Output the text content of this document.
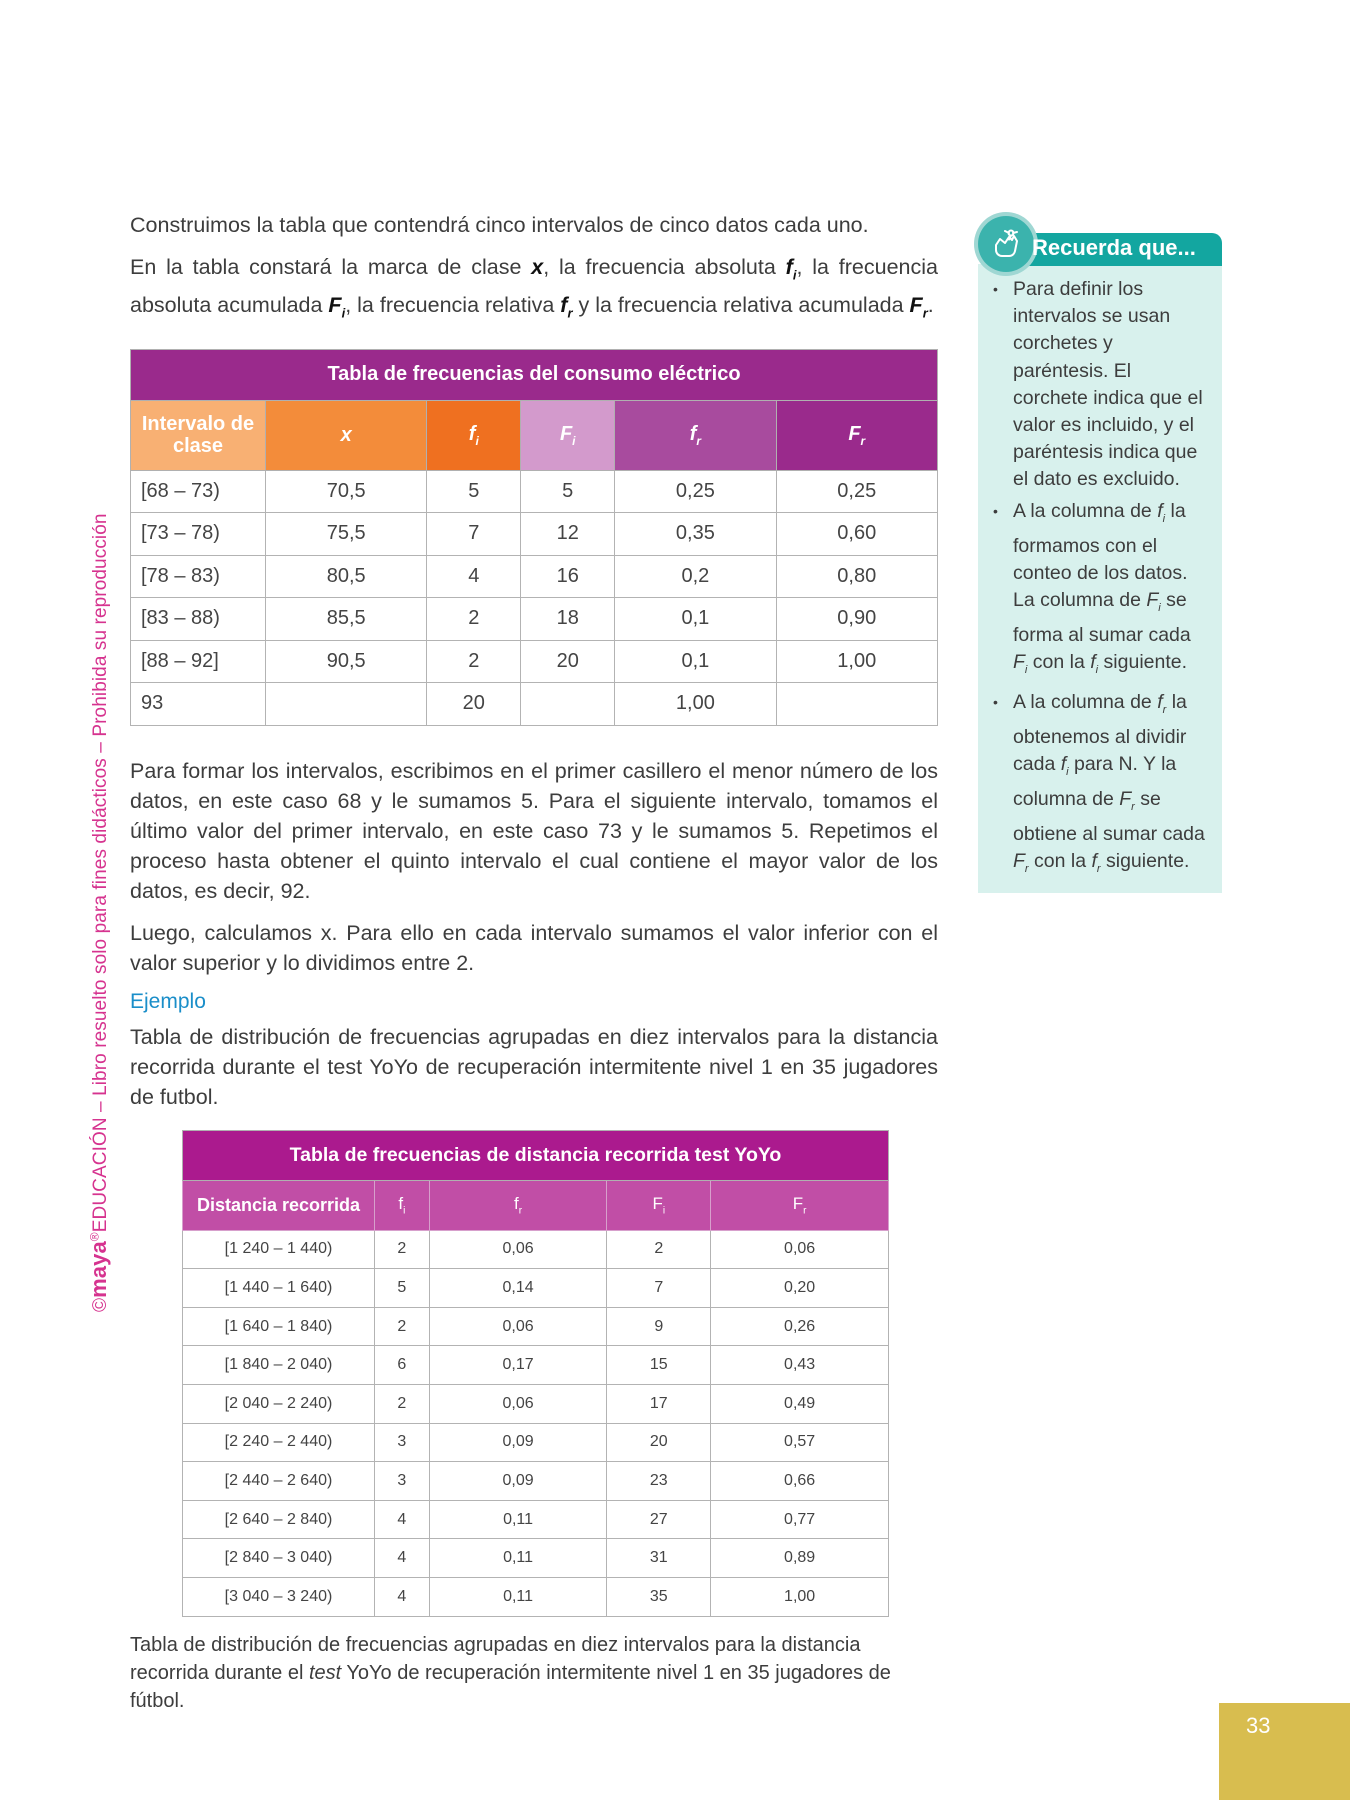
©maya®EDUCACIÓN – Libro resuelto solo para fines didácticos – Prohibida su reproducción

Construimos la tabla que contendrá cinco intervalos de cinco datos cada uno.

En la tabla constará la marca de clase x, la frecuencia absoluta $f_i$, la frecuencia absoluta acumulada $F_i$, la frecuencia relativa $f_r$ y la frecuencia relativa acumulada $F_r$.

Tabla de frecuencias del consumo eléctrico					
Intervalo de clase	x	$f_i$	$F_i$	$f_r$	$F_r$
[68 – 73)	70,5	5	5	0,25	0,25
[73 – 78)	75,5	7	12	0,35	0,60
[78 – 83)	80,5	4	16	0,2	0,80
[83 – 88)	85,5	2	18	0,1	0,90
[88 – 92]	90,5	2	20	0,1	1,00
93		20		1,00	

Para formar los intervalos, escribimos en el primer casillero el menor número de los datos, en este caso 68 y le sumamos 5. Para el siguiente intervalo, tomamos el último valor del primer intervalo, en este caso 73 y le sumamos 5. Repetimos el proceso hasta obtener el quinto intervalo el cual contiene el mayor valor de los datos, es decir, 92.

Luego, calculamos x. Para ello en cada intervalo sumamos el valor inferior con el valor superior y lo dividimos entre 2.

Ejemplo

Tabla de distribución de frecuencias agrupadas en diez intervalos para la distancia recorrida durante el test YoYo de recuperación intermitente nivel 1 en 35 jugadores de futbol.

Tabla de frecuencias de distancia recorrida test YoYo				
Distancia recorrida	$f_i$	$f_r$	$F_i$	$F_r$
[1 240 – 1 440)	2	0,06	2	0,06
[1 440 – 1 640)	5	0,14	7	0,20
[1 640 – 1 840)	2	0,06	9	0,26
[1 840 – 2 040)	6	0,17	15	0,43
[2 040 – 2 240)	2	0,06	17	0,49
[2 240 – 2 440)	3	0,09	20	0,57
[2 440 – 2 640)	3	0,09	23	0,66
[2 640 – 2 840)	4	0,11	27	0,77
[2 840 – 3 040)	4	0,11	31	0,89
[3 040 – 3 240)	4	0,11	35	1,00

Tabla de distribución de frecuencias agrupadas en diez intervalos para la distancia recorrida durante el test YoYo de recuperación intermitente nivel 1 en 35 jugadores de fútbol.

Recuerda que...
• Para definir los intervalos se usan corchetes y paréntesis. El corchete indica que el valor es incluido, y el paréntesis indica que el dato es excluido.
• A la columna de $f_i$ la formamos con el conteo de los datos. La columna de $F_i$ se forma al sumar cada $F_i$ con la $f_i$ siguiente.
• A la columna de $f_r$ la obtenemos al dividir cada $f_i$ para N. Y la columna de $F_r$ se obtiene al sumar cada $F_r$ con la $f_r$ siguiente.
33
